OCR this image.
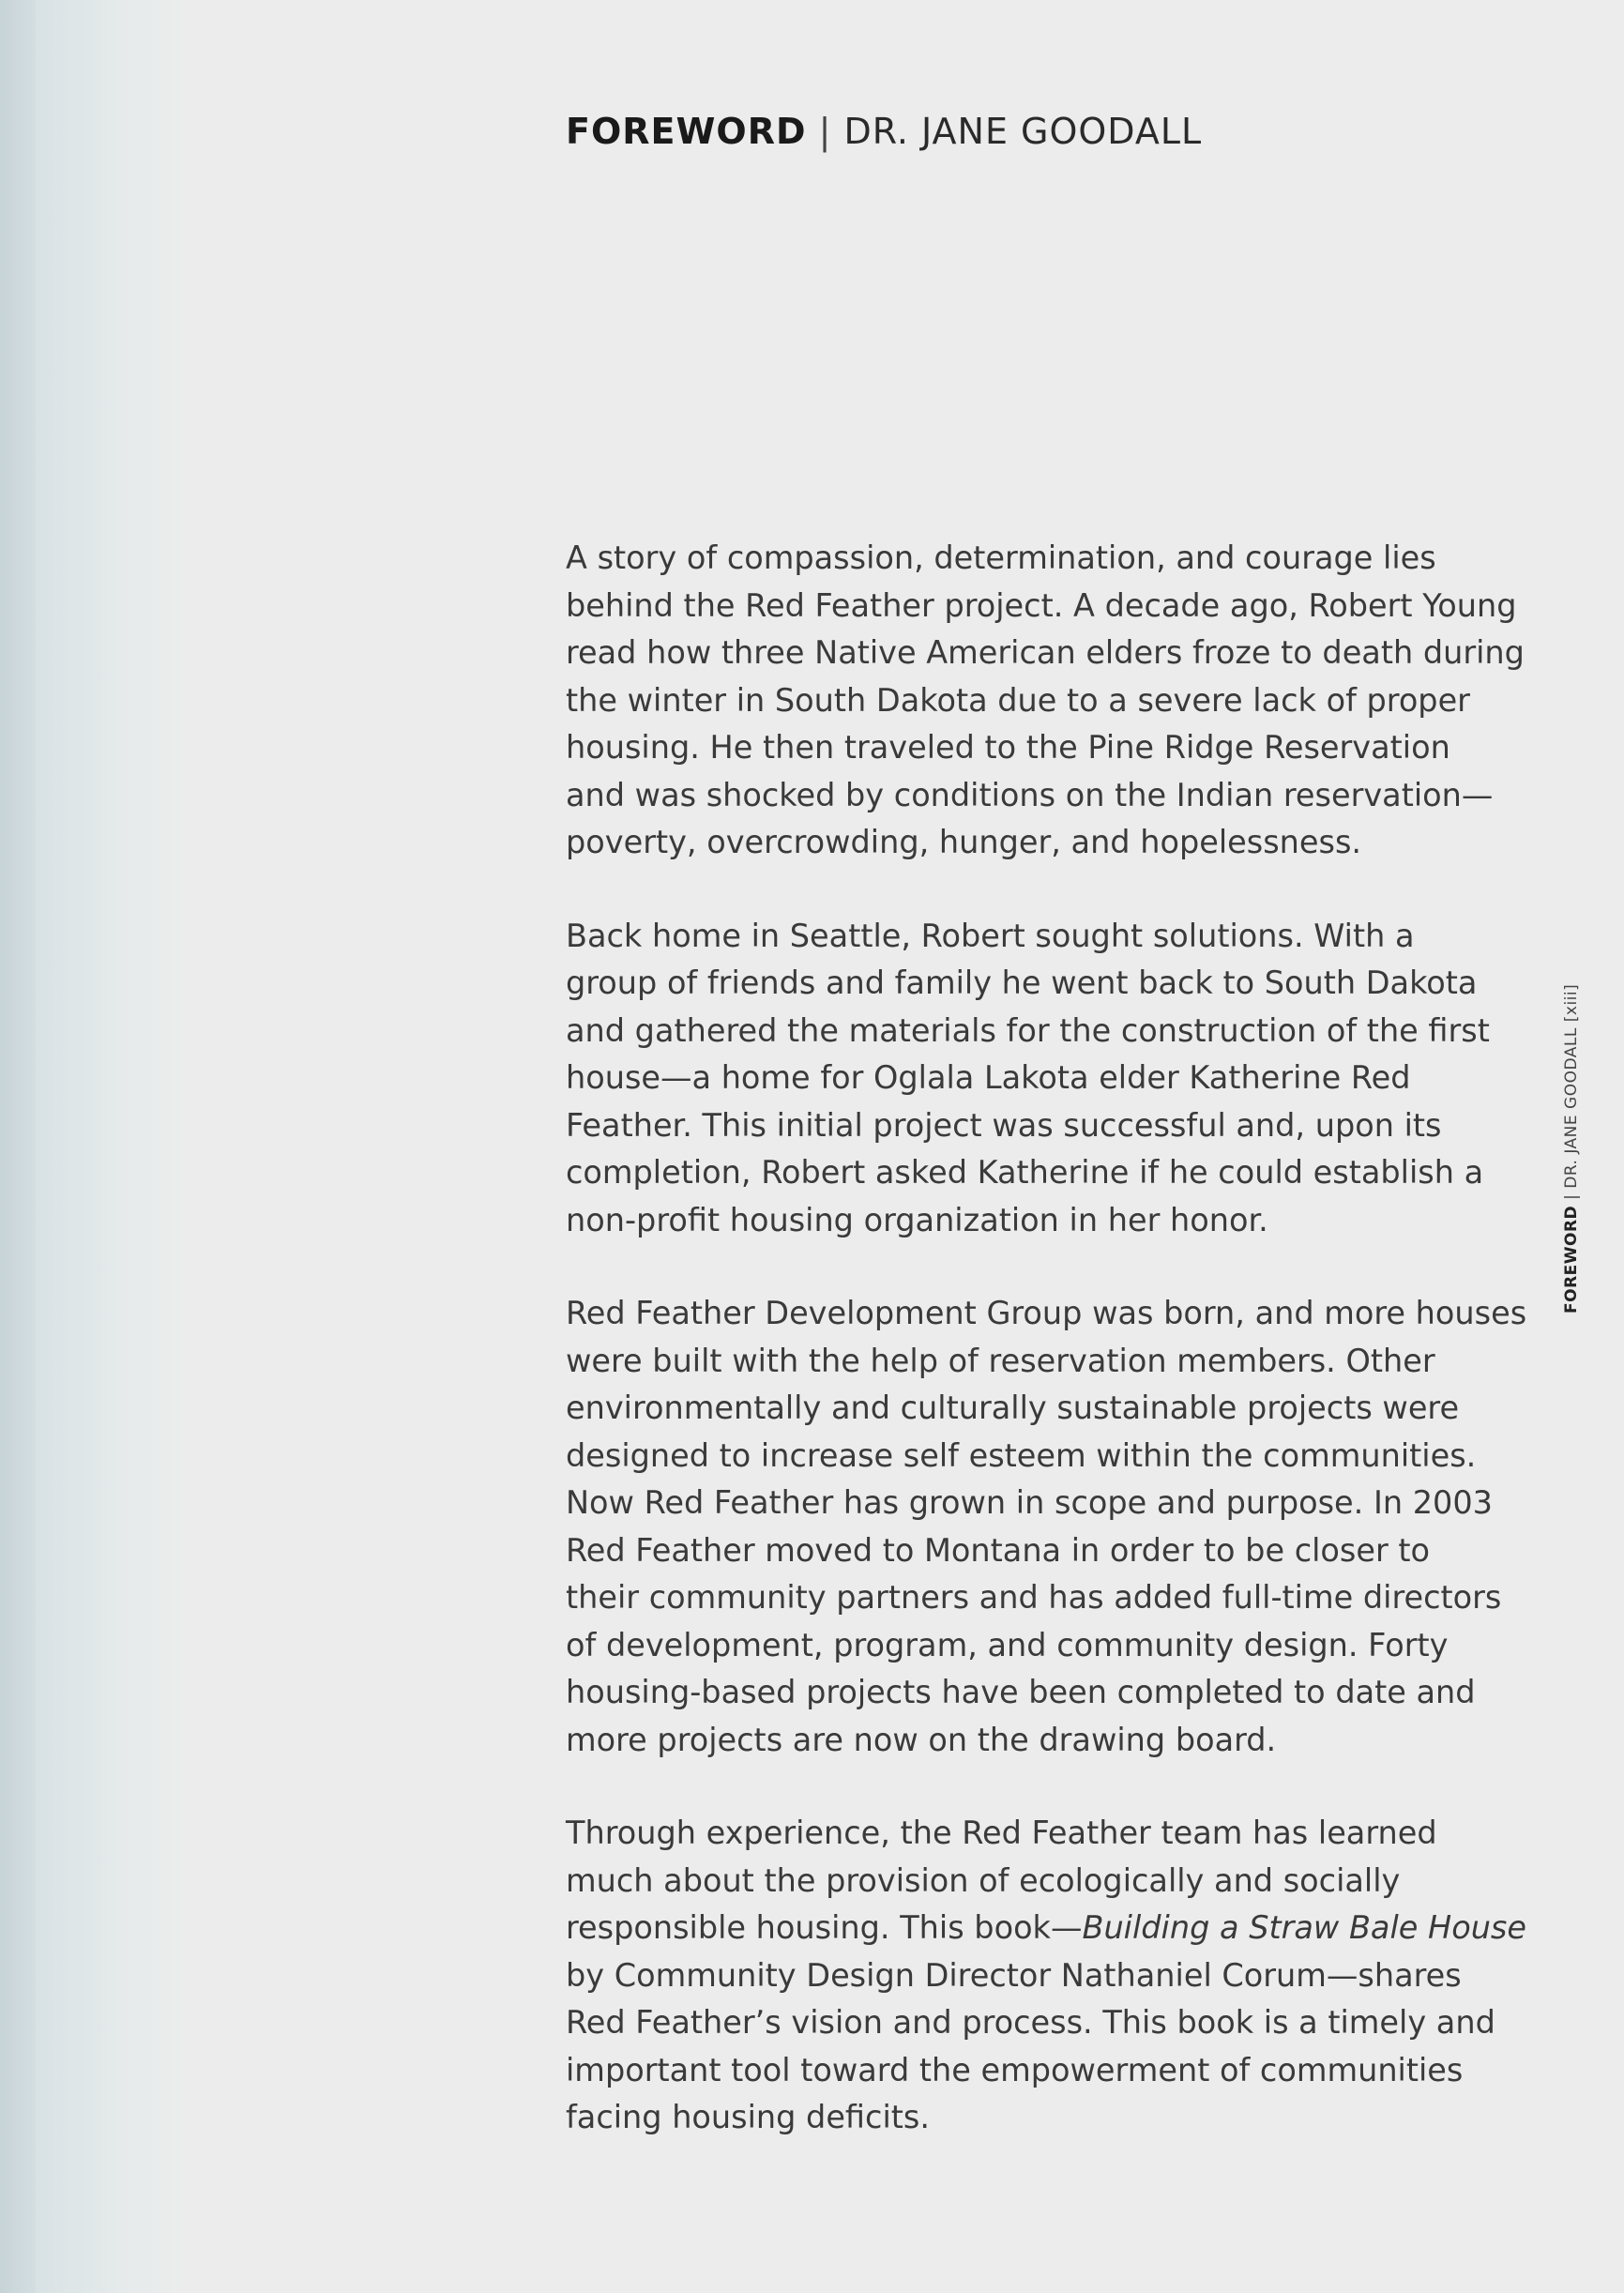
FOREWORD | DR. JANE GOODALL

A story of compassion, determination, and courage lies
behind the Red Feather project. A decade ago, Robert Young
read how three Native American elders froze to death during
the winter in South Dakota due to a severe lack of proper
housing. He then traveled to the Pine Ridge Reservation
and was shocked by conditions on the Indian reservation—
poverty, overcrowding, hunger, and hopelessness.

Back home in Seattle, Robert sought solutions. With a
group of friends and family he went back to South Dakota
and gathered the materials for the construction of the first
house—a home for Oglala Lakota elder Katherine Red
Feather. This initial project was successful and, upon its
completion, Robert asked Katherine if he could establish a
non-profit housing organization in her honor.

Red Feather Development Group was born, and more houses
were built with the help of reservation members. Other
environmentally and culturally sustainable projects were
designed to increase self esteem within the communities.
Now Red Feather has grown in scope and purpose. In 2003
Red Feather moved to Montana in order to be closer to
their community partners and has added full-time directors
of development, program, and community design. Forty
housing-based projects have been completed to date and
more projects are now on the drawing board.

Through experience, the Red Feather team has learned
much about the provision of ecologically and socially
responsible housing. This book—Building a Straw Bale House
by Community Design Director Nathaniel Corum—shares
Red Feather’s vision and process. This book is a timely and
important tool toward the empowerment of communities
facing housing deficits.

FOREWORD | DR. JANE GOODALL [xiii]
